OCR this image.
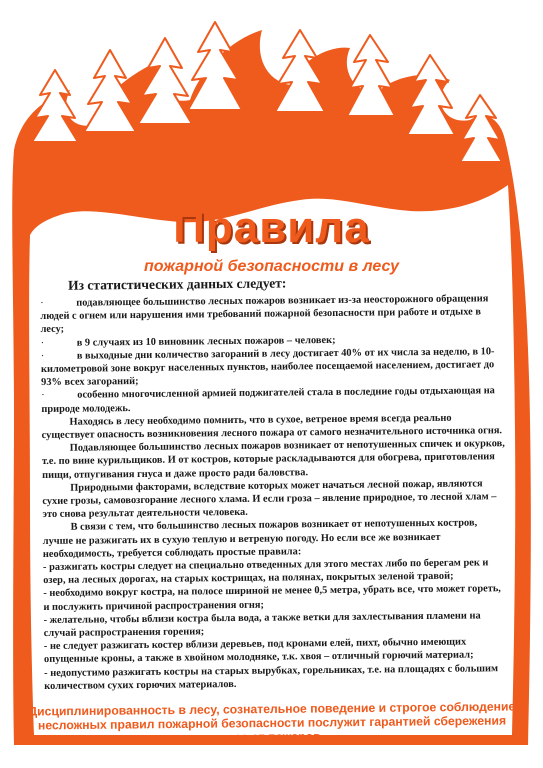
Правила
пожарной безопасности в лесу

Из статистических данных следует:

·	подавляющее большинство лесных пожаров возникает из-за неосторожного обращения людей с огнем или нарушения ими требований пожарной безопасности при работе и отдыхе в лесу;

·	в 9 случаях из 10 виновник лесных пожаров – человек;

·	в выходные дни количество загораний в лесу достигает 40% от их числа за неделю, в 10-километровой зоне вокруг населенных пунктов, наиболее посещаемой населением, достигает до 93% всех загораний;

·	особенно многочисленной армией поджигателей стала в последние годы отдыхающая на природе молодежь.

Находясь в лесу необходимо помнить, что в сухое, ветреное время всегда реально существует опасность возникновения лесного пожара от самого незначительного источника огня.

Подавляющее большинство лесных пожаров возникает от непотушенных спичек и окурков, т.е. по вине курильщиков. И от костров, которые раскладываются для обогрева, приготовления пищи, отпугивания гнуса и даже просто ради баловства.

Природными факторами, вследствие которых может начаться лесной пожар, являются сухие грозы, самовозгорание лесного хлама. И если гроза – явление природное, то лесной хлам – это снова результат деятельности человека.

В связи с тем, что большинство лесных пожаров возникает от непотушенных костров, лучше не разжигать их в сухую теплую и ветреную погоду. Но если все же возникает необходимость, требуется соблюдать простые правила:

- разжигать костры следует на специально отведенных для этого местах либо по берегам рек и озер, на лесных дорогах, на старых кострищах, на полянах, покрытых зеленой травой;

- необходимо вокруг костра, на полосе шириной не менее 0,5 метра, убрать все, что может гореть, и послужить причиной распространения огня;

- желательно, чтобы вблизи костра была вода, а также ветки для захлестывания пламени на случай распространения горения;

- не следует разжигать костер вблизи деревьев, под кронами елей, пихт, обычно имеющих опущенные кроны, а также в хвойном молодняке, т.к. хвоя – отличный горючий материал;

- недопустимо разжигать костры на старых вырубках, горельниках, т.е. на площадях с большим количеством сухих горючих материалов.

Дисциплинированность в лесу, сознательное поведение и строгое соблюдение несложных правил пожарной безопасности послужит гарантией сбережения леса от пожаров.
